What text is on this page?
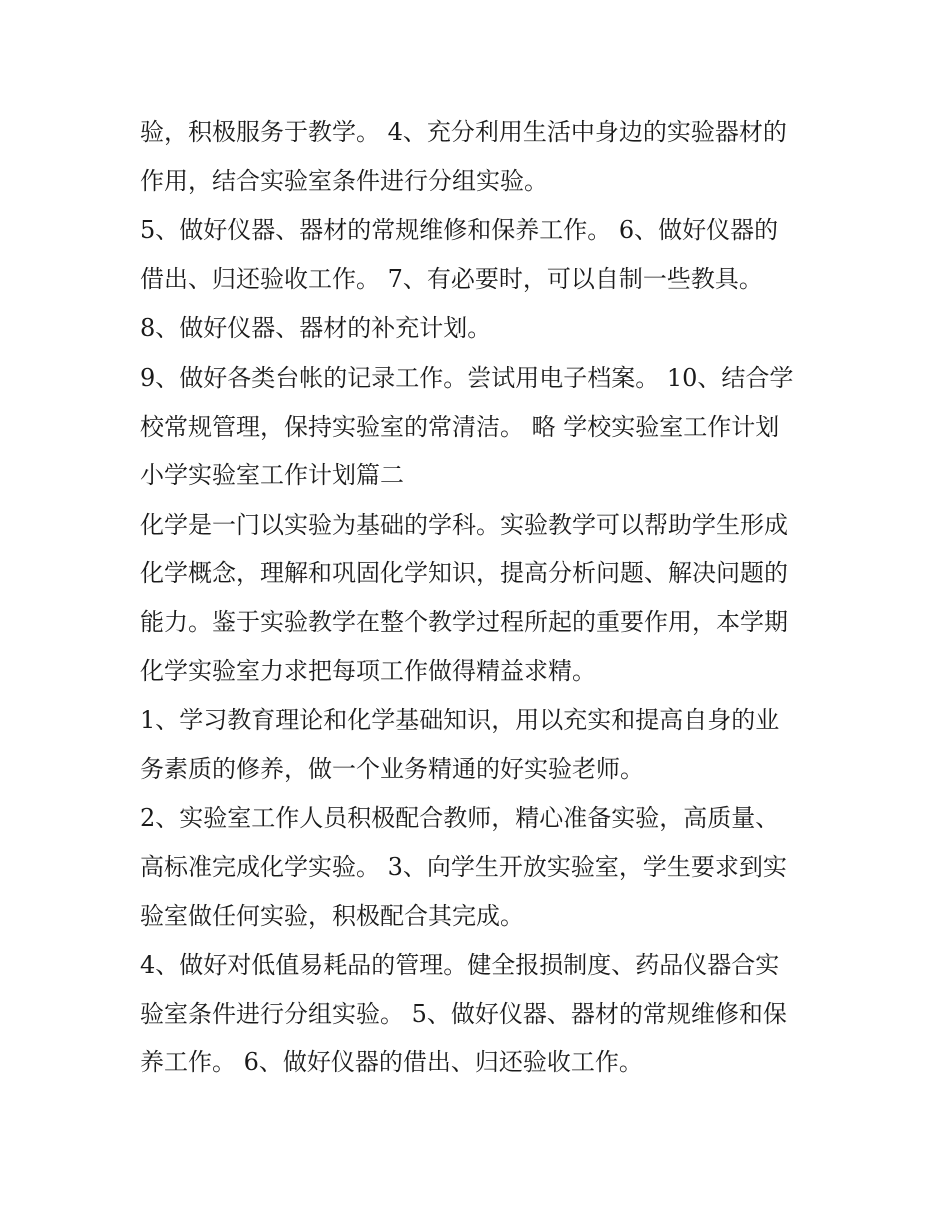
验，积极服务于教学。 4、充分利用生活中身边的实验器材的
作用，结合实验室条件进行分组实验。

5、做好仪器、器材的常规维修和保养工作。 6、做好仪器的
借出、归还验收工作。 7、有必要时，可以自制一些教具。

8、做好仪器、器材的补充计划。

9、做好各类台帐的记录工作。尝试用电子档案。 10、结合学
校常规管理，保持实验室的常清洁。 略 学校实验室工作计划
小学实验室工作计划篇二

化学是一门以实验为基础的学科。实验教学可以帮助学生形成
化学概念，理解和巩固化学知识，提高分析问题、解决问题的
能力。鉴于实验教学在整个教学过程所起的重要作用，本学期
化学实验室力求把每项工作做得精益求精。

1、学习教育理论和化学基础知识，用以充实和提高自身的业
务素质的修养，做一个业务精通的好实验老师。

2、实验室工作人员积极配合教师，精心准备实验，高质量、
高标准完成化学实验。 3、向学生开放实验室，学生要求到实
验室做任何实验，积极配合其完成。

4、做好对低值易耗品的管理。健全报损制度、药品仪器合实
验室条件进行分组实验。 5、做好仪器、器材的常规维修和保
养工作。 6、做好仪器的借出、归还验收工作。
